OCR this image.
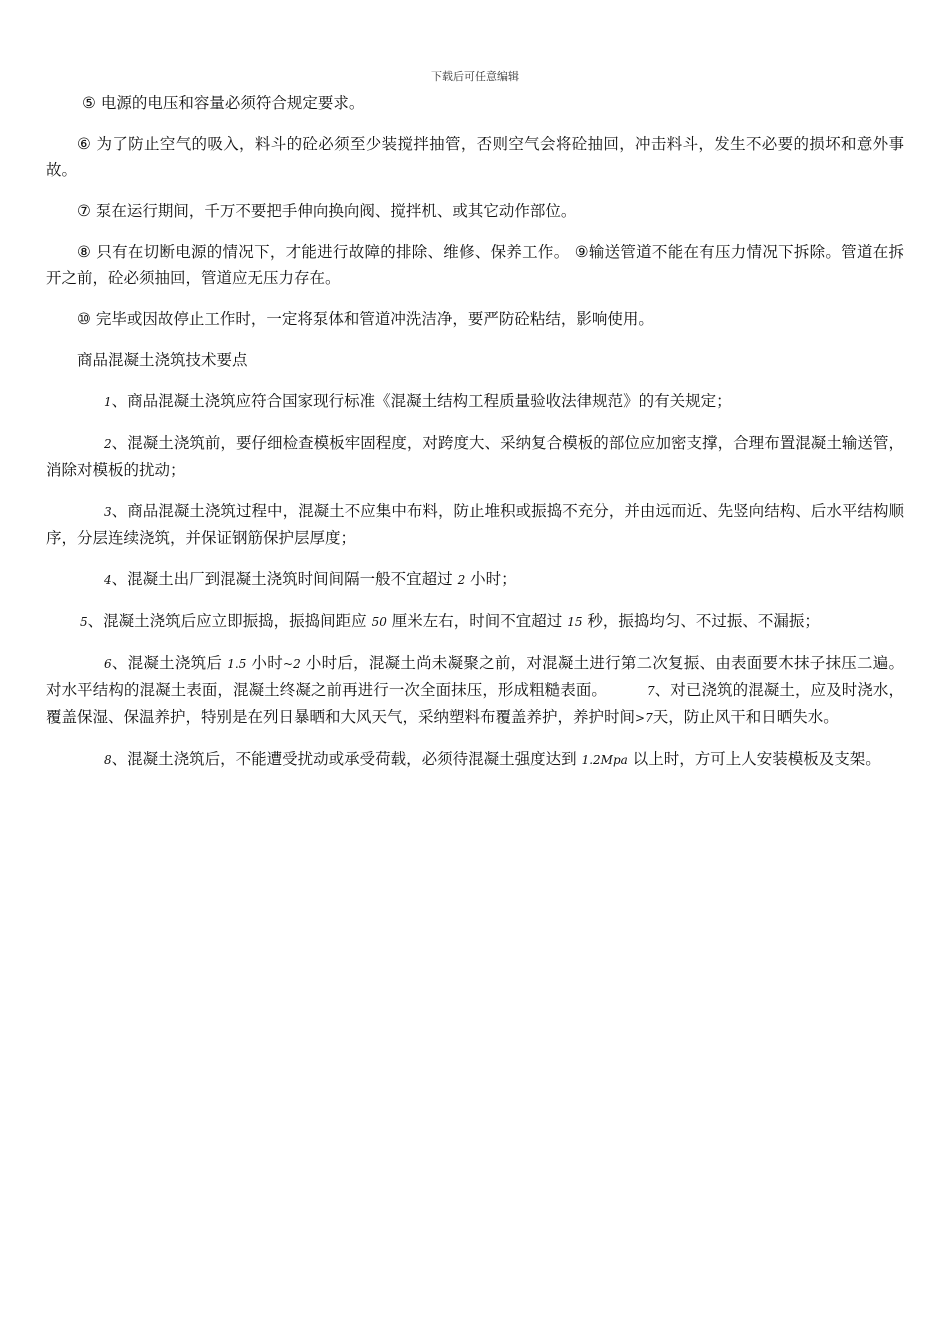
下载后可任意编辑

⑤ 电源的电压和容量必须符合规定要求。

⑥ 为了防止空气的吸入，料斗的砼必须至少装搅拌抽管，否则空气会将砼抽回，冲击料斗，发生不必要的损坏和意外事故。

⑦ 泵在运行期间，千万不要把手伸向换向阀、搅拌机、或其它动作部位。

⑧ 只有在切断电源的情况下，才能进行故障的排除、维修、保养工作。 ⑨输送管道不能在有压力情况下拆除。管道在拆开之前，砼必须抽回，管道应无压力存在。

⑩ 完毕或因故停止工作时，一定将泵体和管道冲洗洁净，要严防砼粘结，影响使用。

商品混凝土浇筑技术要点

1、商品混凝土浇筑应符合国家现行标准《混凝土结构工程质量验收法律规范》的有关规定；

2、混凝土浇筑前，要仔细检查模板牢固程度，对跨度大、采纳复合模板的部位应加密支撑，合理布置混凝土输送管，消除对模板的扰动；

3、商品混凝土浇筑过程中，混凝土不应集中布料，防止堆积或振捣不充分，并由远而近、先竖向结构、后水平结构顺序，分层连续浇筑，并保证钢筋保护层厚度；

4、混凝土出厂到混凝土浇筑时间间隔一般不宜超过 2 小时；

5、混凝土浇筑后应立即振捣，振捣间距应 50 厘米左右，时间不宜超过 15 秒，振捣均匀、不过振、不漏振；

6、混凝土浇筑后 1.5 小时~2 小时后，混凝土尚未凝聚之前，对混凝土进行第二次复振、由表面要木抹子抹压二遍。对水平结构的混凝土表面，混凝土终凝之前再进行一次全面抹压，形成粗糙表面。	7、对已浇筑的混凝土，应及时浇水，覆盖保湿、保温养护，特别是在列日暴晒和大风天气，采纳塑料布覆盖养护，养护时间>7天，防止风干和日晒失水。

8、混凝土浇筑后，不能遭受扰动或承受荷载，必须待混凝土强度达到 1.2Mpa 以上时，方可上人安装模板及支架。
